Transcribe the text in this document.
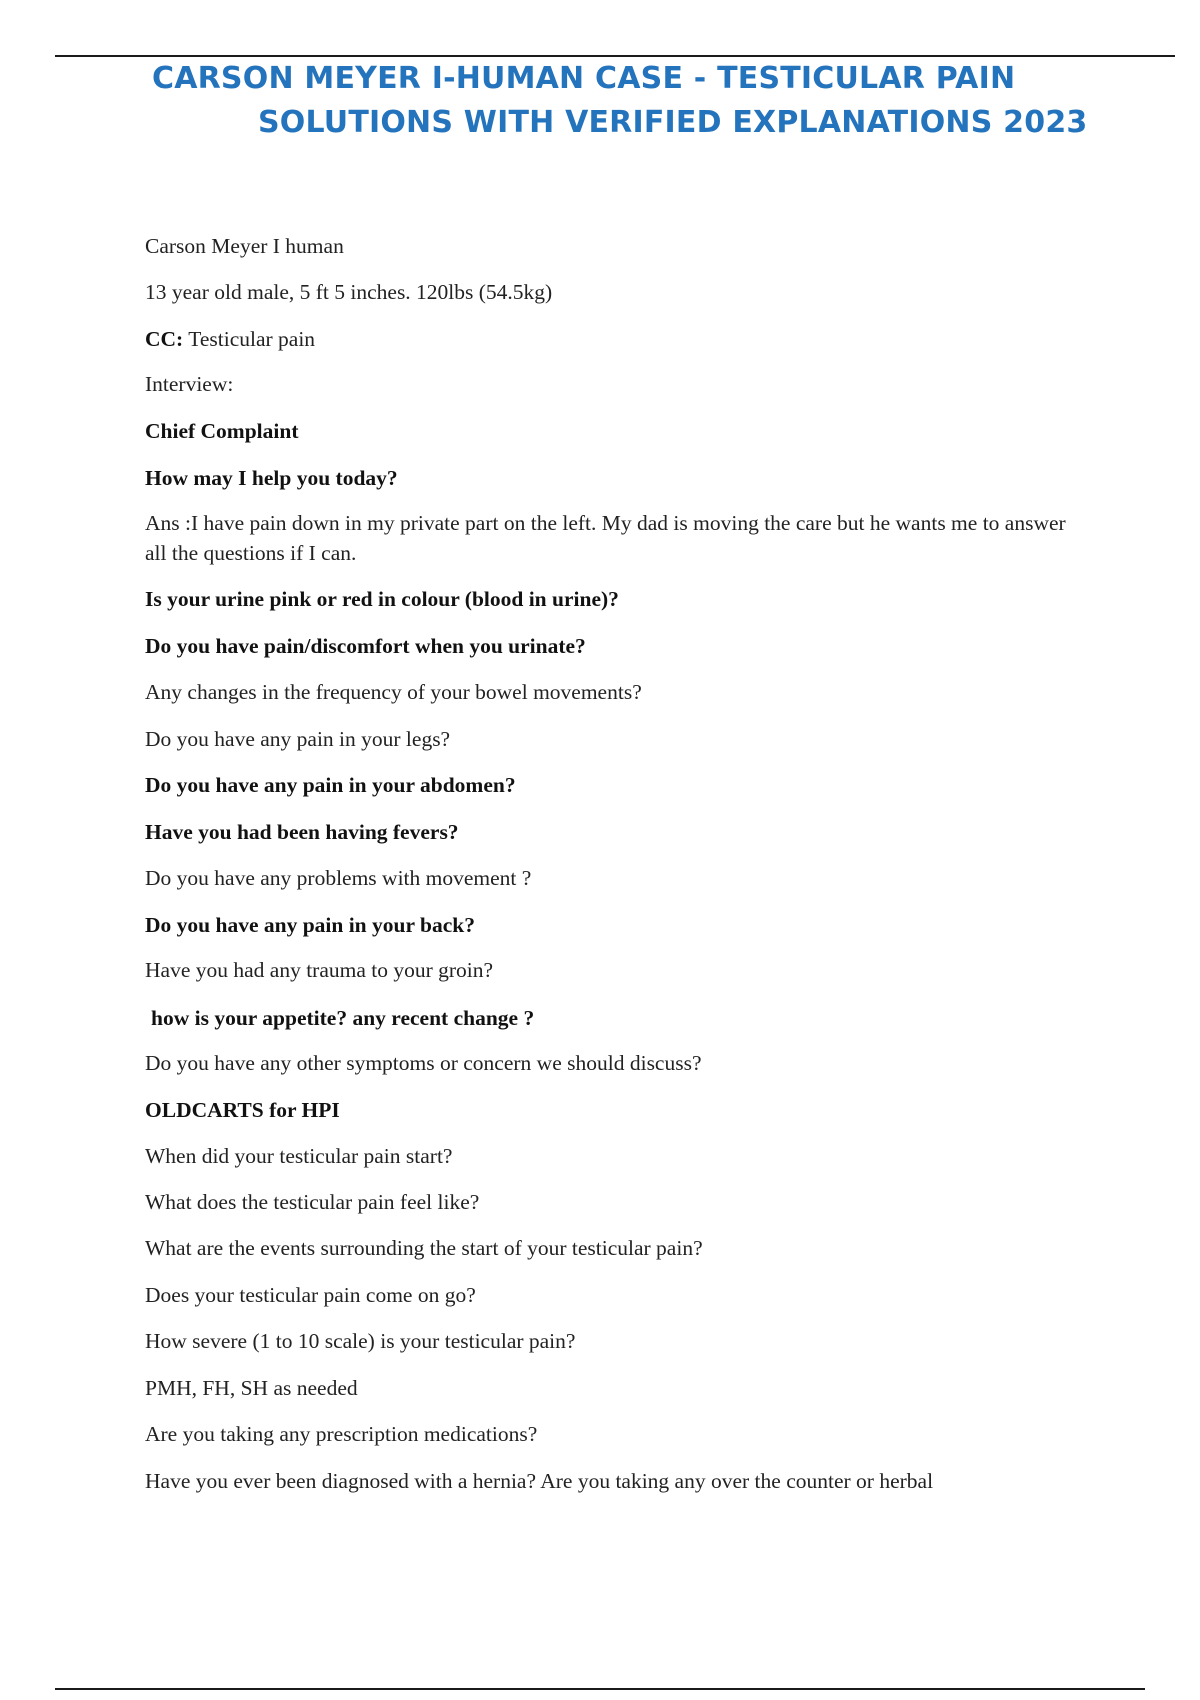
CARSON MEYER I-HUMAN CASE - TESTICULAR PAIN
SOLUTIONS WITH VERIFIED EXPLANATIONS 2023
Carson Meyer I human
13 year old male, 5 ft 5 inches. 120lbs (54.5kg)
CC: Testicular pain
Interview:
Chief Complaint
How may I help you today?
Ans :I have pain down in my private part on the left. My dad is moving the care but he wants me to answer all the questions if I can.
Is your urine pink or red in colour (blood in urine)?
Do you have pain/discomfort when you urinate?
Any changes in the frequency of your bowel movements?
Do you have any pain in your legs?
Do you have any pain in your abdomen?
Have you had been having fevers?
Do you have any problems with movement ?
Do you have any pain in your back?
Have you had any trauma to your groin?
how is your appetite? any recent change ?
Do you have any other symptoms or concern we should discuss?
OLDCARTS for HPI
When did your testicular pain start?
What does the testicular pain feel like?
What are the events surrounding the start of your testicular pain?
Does your testicular pain come on go?
How severe (1 to 10 scale) is your testicular pain?
PMH, FH, SH as needed
Are you taking any prescription medications?
Have you ever been diagnosed with a hernia? Are you taking any over the counter or herbal
